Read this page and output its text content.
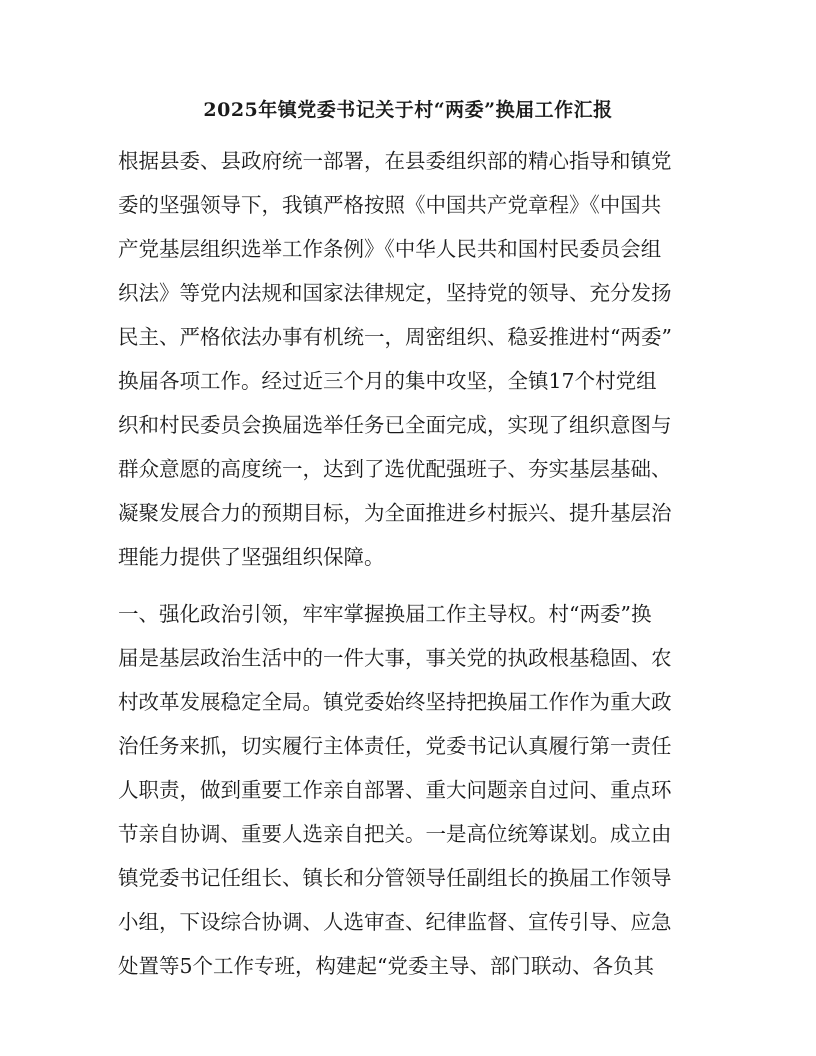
2025年镇党委书记关于村“两委”换届工作汇报

根据县委、县政府统一部署，在县委组织部的精心指导和镇党

委的坚强领导下，我镇严格按照《中国共产党章程》《中国共

产党基层组织选举工作条例》《中华人民共和国村民委员会组

织法》等党内法规和国家法律规定，坚持党的领导、充分发扬

民主、严格依法办事有机统一，周密组织、稳妥推进村“两委”

换届各项工作。经过近三个月的集中攻坚，全镇17个村党组

织和村民委员会换届选举任务已全面完成，实现了组织意图与

群众意愿的高度统一，达到了选优配强班子、夯实基层基础、

凝聚发展合力的预期目标，为全面推进乡村振兴、提升基层治

理能力提供了坚强组织保障。

一、强化政治引领，牢牢掌握换届工作主导权。村“两委”换

届是基层政治生活中的一件大事，事关党的执政根基稳固、农

村改革发展稳定全局。镇党委始终坚持把换届工作作为重大政

治任务来抓，切实履行主体责任，党委书记认真履行第一责任

人职责，做到重要工作亲自部署、重大问题亲自过问、重点环

节亲自协调、重要人选亲自把关。一是高位统筹谋划。成立由

镇党委书记任组长、镇长和分管领导任副组长的换届工作领导

小组，下设综合协调、人选审查、纪律监督、宣传引导、应急

处置等5个工作专班，构建起“党委主导、部门联动、各负其
